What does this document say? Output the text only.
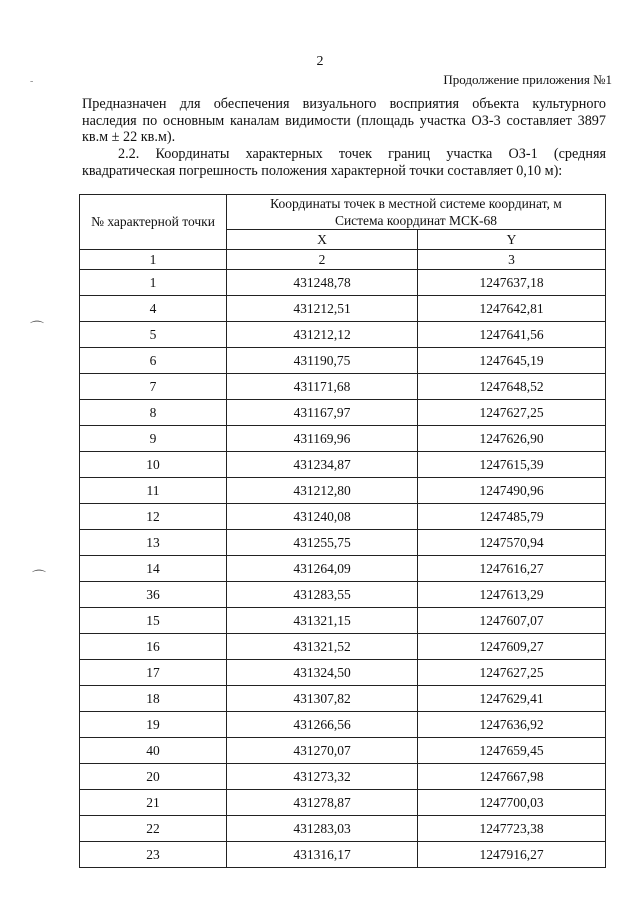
2
Продолжение приложения №1
-
⌒
⌒
Предназначен для обеспечения визуального восприятия объекта культурного наследия по основным каналам видимости (площадь участка ОЗ-3 составляет 3897 кв.м ± 22 кв.м).
2.2. Координаты характерных точек границ участка ОЗ-1 (средняя квадратическая погрешность положения характерной точки составляет 0,10 м):
№ характерной точки	Координаты точек в местной системе координат, м
Система координат МСК-68	

	X	Y
1	2	3
1	431248,78	1247637,18
4	431212,51	1247642,81
5	431212,12	1247641,56
6	431190,75	1247645,19
7	431171,68	1247648,52
8	431167,97	1247627,25
9	431169,96	1247626,90
10	431234,87	1247615,39
11	431212,80	1247490,96
12	431240,08	1247485,79
13	431255,75	1247570,94
14	431264,09	1247616,27
36	431283,55	1247613,29
15	431321,15	1247607,07
16	431321,52	1247609,27
17	431324,50	1247627,25
18	431307,82	1247629,41
19	431266,56	1247636,92
40	431270,07	1247659,45
20	431273,32	1247667,98
21	431278,87	1247700,03
22	431283,03	1247723,38
23	431316,17	1247916,27
